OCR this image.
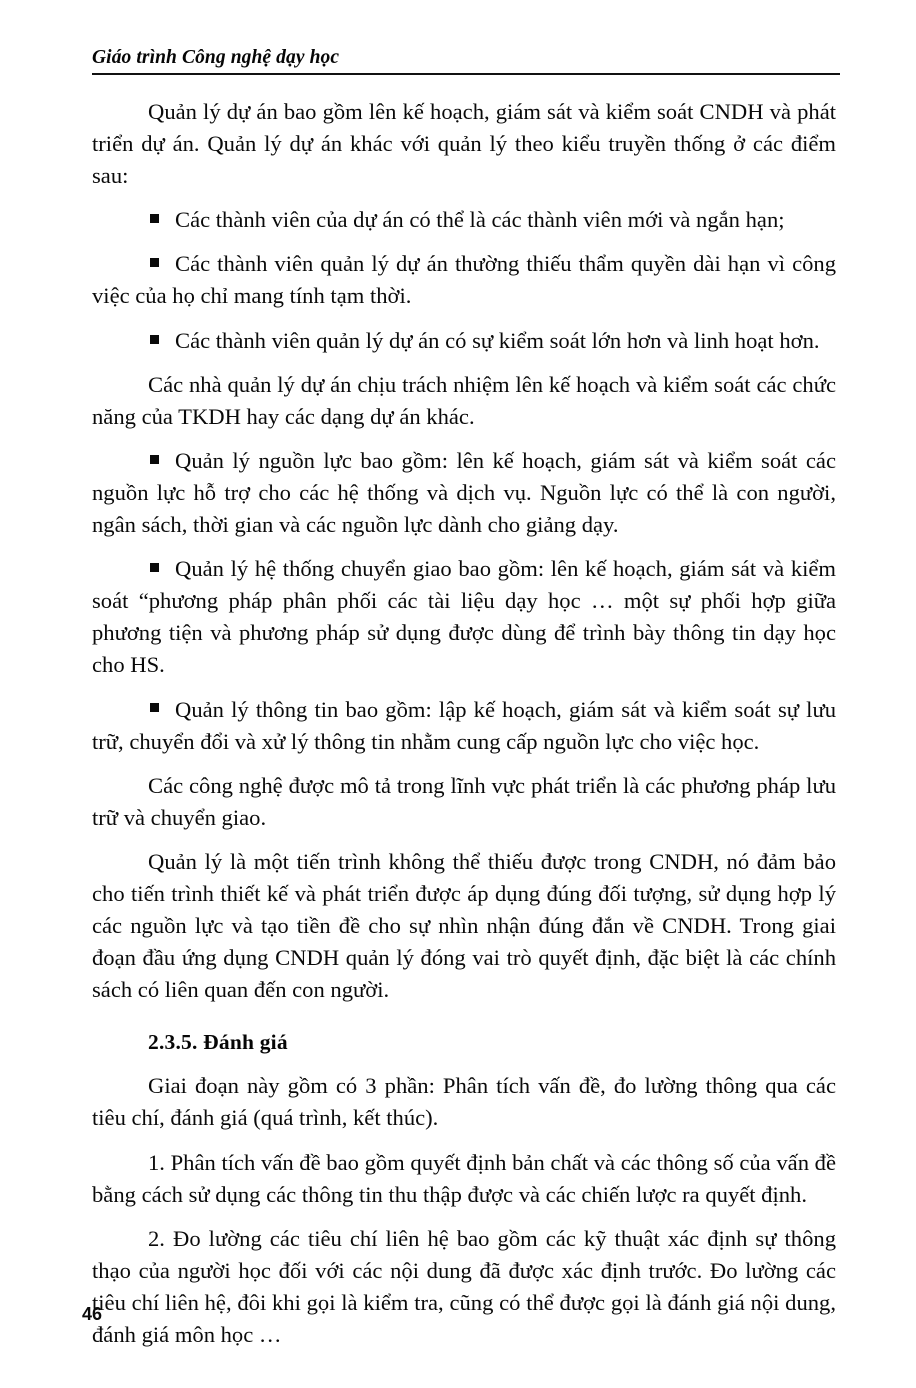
Giáo trình Công nghệ dạy học

Quản lý dự án bao gồm lên kế hoạch, giám sát và kiểm soát CNDH và phát triển dự án. Quản lý dự án khác với quản lý theo kiểu truyền thống ở các điểm sau:

Các thành viên của dự án có thể là các thành viên mới và ngắn hạn;

Các thành viên quản lý dự án thường thiếu thẩm quyền dài hạn vì công việc của họ chỉ mang tính tạm thời.

Các thành viên quản lý dự án có sự kiểm soát lớn hơn và linh hoạt hơn.

Các nhà quản lý dự án chịu trách nhiệm lên kế hoạch và kiểm soát các chức năng của TKDH hay các dạng dự án khác.

Quản lý nguồn lực bao gồm: lên kế hoạch, giám sát và kiểm soát các nguồn lực hỗ trợ cho các hệ thống và dịch vụ. Nguồn lực có thể là con người, ngân sách, thời gian và các nguồn lực dành cho giảng dạy.

Quản lý hệ thống chuyển giao bao gồm: lên kế hoạch, giám sát và kiểm soát “phương pháp phân phối các tài liệu dạy học … một sự phối hợp giữa phương tiện và phương pháp sử dụng được dùng để trình bày thông tin dạy học cho HS.

Quản lý thông tin bao gồm: lập kế hoạch, giám sát và kiểm soát sự lưu trữ, chuyển đổi và xử lý thông tin nhằm cung cấp nguồn lực cho việc học.

Các công nghệ được mô tả trong lĩnh vực phát triển là các phương pháp lưu trữ và chuyển giao.

Quản lý là một tiến trình không thể thiếu được trong CNDH, nó đảm bảo cho tiến trình thiết kế và phát triển được áp dụng đúng đối tượng, sử dụng hợp lý các nguồn lực và tạo tiền đề cho sự nhìn nhận đúng đắn về CNDH. Trong giai đoạn đầu ứng dụng CNDH quản lý đóng vai trò quyết định, đặc biệt là các chính sách có liên quan đến con người.

2.3.5. Đánh giá

Giai đoạn này gồm có 3 phần: Phân tích vấn đề, đo lường thông qua các tiêu chí, đánh giá (quá trình, kết thúc).

1. Phân tích vấn đề bao gồm quyết định bản chất và các thông số của vấn đề bằng cách sử dụng các thông tin thu thập được và các chiến lược ra quyết định.

2. Đo lường các tiêu chí liên hệ bao gồm các kỹ thuật xác định sự thông thạo của người học đối với các nội dung đã được xác định trước. Đo lường các tiêu chí liên hệ, đôi khi gọi là kiểm tra, cũng có thể được gọi là đánh giá nội dung, đánh giá môn học …

46
